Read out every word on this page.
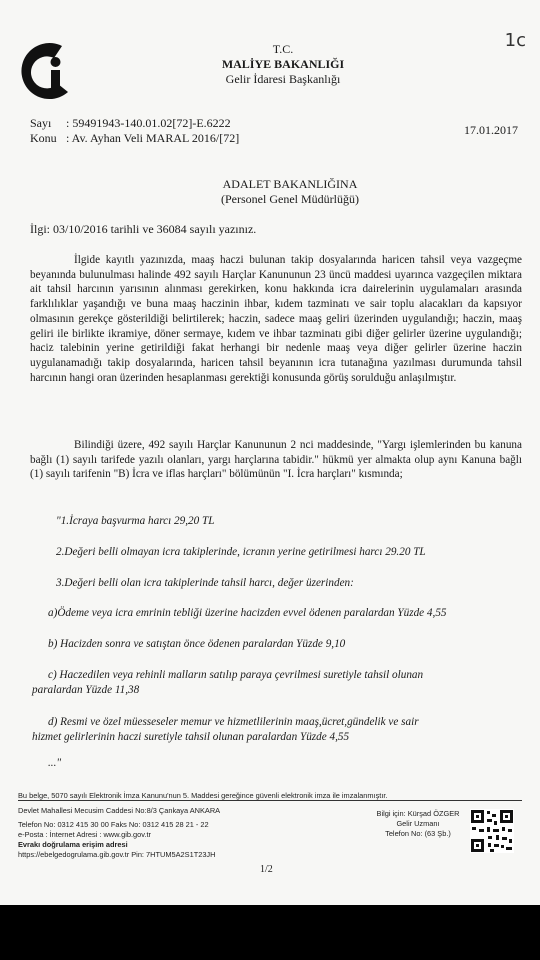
1c
T.C.
MALİYE BAKANLIĞI
Gelir İdaresi Başkanlığı
Sayı : 59491943-140.01.02[72]-E.6222
Konu : Av. Ayhan Veli MARAL 2016/[72]
17.01.2017
ADALET BAKANLIĞINA
(Personel Genel Müdürlüğü)
İlgi: 03/10/2016 tarihli ve 36084 sayılı yazınız.

İlgide kayıtlı yazınızda, maaş haczi bulunan takip dosyalarında haricen tahsil veya vazgeçme beyanında bulunulması halinde 492 sayılı Harçlar Kanununun 23 üncü maddesi uyarınca vazgeçilen miktara ait tahsil harcının yarısının alınması gerekirken, konu hakkında icra dairelerinin uygulamaları arasında farklılıklar yaşandığı ve buna maaş haczinin ihbar, kıdem tazminatı ve sair toplu alacakları da kapsıyor olmasının gerekçe gösterildiği belirtilerek; haczin, sadece maaş geliri üzerinden uygulandığı; haczin, maaş geliri ile birlikte ikramiye, döner sermaye, kıdem ve ihbar tazminatı gibi diğer gelirler üzerine uygulandığı; haciz talebinin yerine getirildiği fakat herhangi bir nedenle maaş veya diğer gelirler üzerine haczin uygulanamadığı takip dosyalarında, haricen tahsil beyanının icra tutanağına yazılması durumunda tahsil harcının hangi oran üzerinden hesaplanması gerektiği konusunda görüş sorulduğu anlaşılmıştır.

Bilindiği üzere, 492 sayılı Harçlar Kanununun 2 nci maddesinde, "Yargı işlemlerinden bu kanuna bağlı (1) sayılı tarifede yazılı olanları, yargı harçlarına tabidir." hükmü yer almakta olup aynı Kanuna bağlı (1) sayılı tarifenin "B) İcra ve iflas harçları" bölümünün "I. İcra harçları" kısmında;

"1.İcraya başvurma harcı 29,20 TL
2.Değeri belli olmayan icra takiplerinde, icranın yerine getirilmesi harcı 29.20 TL
3.Değeri belli olan icra takiplerinde tahsil harcı, değer üzerinden:
a)Ödeme veya icra emrinin tebliği üzerine hacizden evvel ödenen paralardan Yüzde 4,55
b) Hacizden sonra ve satıştan önce ödenen paralardan Yüzde 9,10
c) Haczedilen veya rehinli malların satılıp paraya çevrilmesi suretiyle tahsil olunan
paralardan Yüzde 11,38
d) Resmi ve özel müesseseler memur ve hizmetlilerinin maaş,ücret,gündelik ve sair
hizmet gelirlerinin haczi suretiyle tahsil olunan paralardan Yüzde 4,55
..."
Bu belge, 5070 sayılı Elektronik İmza Kanunu'nun 5. Maddesi gereğince güvenli elektronik imza ile imzalanmıştır.
Devlet Mahallesi Mecusim Caddesi No:8/3 Çankaya ANKARA
Telefon No: 0312 415 30 00 Faks No: 0312 415 28 21 - 22
e-Posta : İnternet Adresi : www.gib.gov.tr
Evrakı doğrulama erişim adresi
https://ebelgedogrulama.gib.gov.tr Pin: 7HTUM5A2S1T23JH
Bilgi için: Kürşad ÖZGER
Gelir Uzmanı
Telefon No: (63 Şb.)
1/2
